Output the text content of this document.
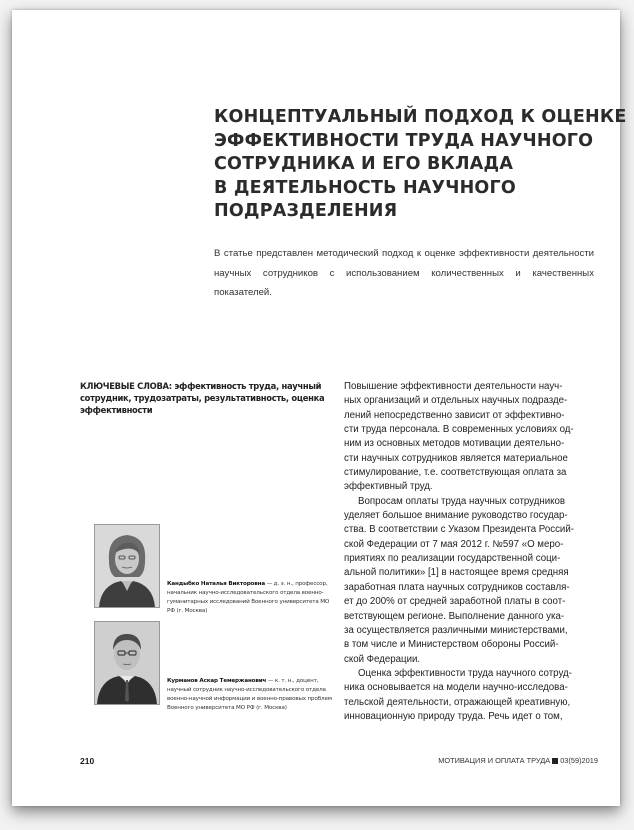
КОНЦЕПТУАЛЬНЫЙ ПОДХОД К ОЦЕНКЕ
ЭФФЕКТИВНОСТИ ТРУДА НАУЧНОГО
СОТРУДНИКА И ЕГО ВКЛАДА
В ДЕЯТЕЛЬНОСТЬ НАУЧНОГО
ПОДРАЗДЕЛЕНИЯ

В статье представлен методический подход к оценке эффективности деятельности научных сотрудников с использованием количественных и качественных показателей.

КЛЮЧЕВЫЕ СЛОВА: эффективность труда, научный сотрудник, трудозатраты, результативность, оценка эффективности

Кандыбко Наталья Викторовна — д. э. н., профессор, начальник научно-исследовательского отдела военно-гуманитарных исследований Военного университета МО РФ (г. Москва)

Курманов Аскар Темержанович — к. т. н., доцент, научный сотрудник научно-исследовательского отдела военно-научной информации и военно-правовых проблем Военного университета МО РФ (г. Москва)

Повышение эффективности деятельности науч-
ных организаций и отдельных научных подразде-
лений непосредственно зависит от эффективно-
сти труда персонала. В современных условиях од-
ним из основных методов мотивации деятельно-
сти научных сотрудников является материальное
стимулирование, т.е. соответствующая оплата за
эффективный труд.

Вопросам оплаты труда научных сотрудников
уделяет большое внимание руководство государ-
ства. В соответствии с Указом Президента Россий-
ской Федерации от 7 мая 2012 г. №597 «О меро-
приятиях по реализации государственной соци-
альной политики» [1] в настоящее время средняя
заработная плата научных сотрудников составля-
ет до 200% от средней заработной платы в соот-
ветствующем регионе. Выполнение данного ука-
за осуществляется различными министерствами,
в том числе и Министерством обороны Россий-
ской Федерации.

Оценка эффективности труда научного сотруд-
ника основывается на модели научно-исследова-
тельской деятельности, отражающей креативную,
инновационную природу труда. Речь идет о том,

210	МОТИВАЦИЯ И ОПЛАТА ТРУДА 03(59)2019
